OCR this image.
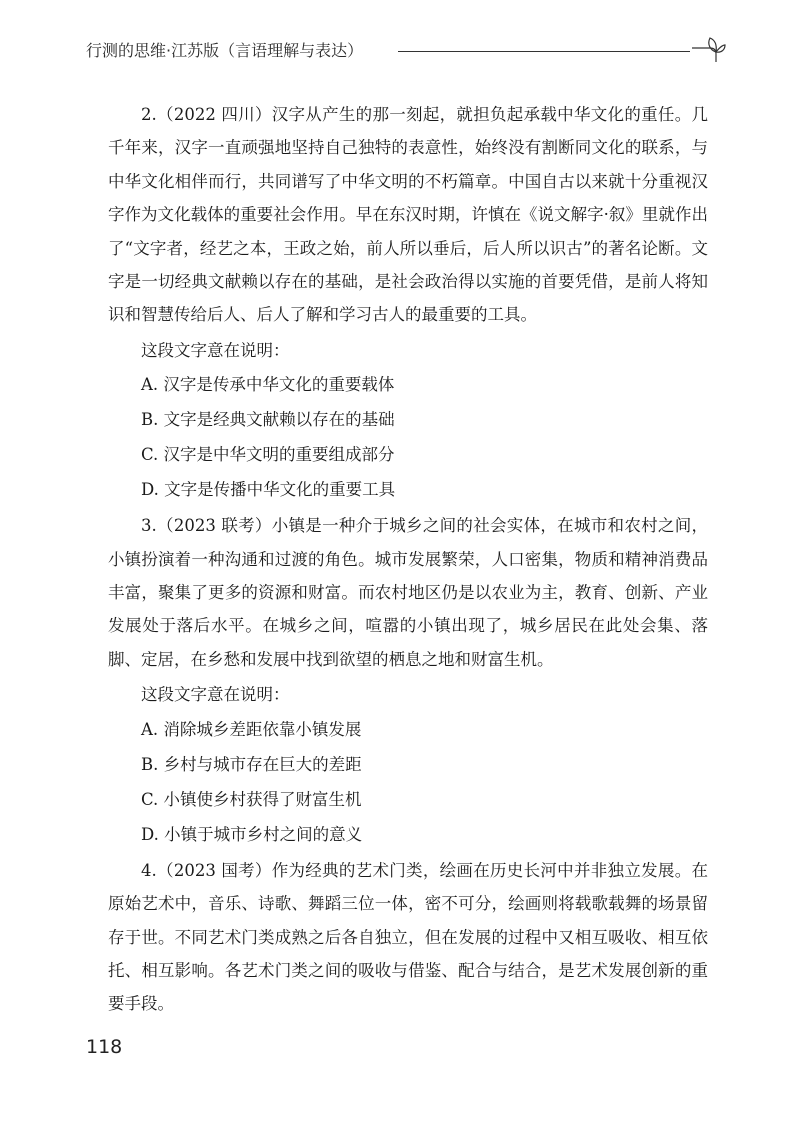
行测的思维·江苏版（言语理解与表达）

2.（2022 四川）汉字从产生的那一刻起，就担负起承载中华文化的重任。几千年来，汉字一直顽强地坚持自己独特的表意性，始终没有割断同文化的联系，与中华文化相伴而行，共同谱写了中华文明的不朽篇章。中国自古以来就十分重视汉字作为文化载体的重要社会作用。早在东汉时期，许慎在《说文解字·叙》里就作出了“文字者，经艺之本，王政之始，前人所以垂后，后人所以识古”的著名论断。文字是一切经典文献赖以存在的基础，是社会政治得以实施的首要凭借，是前人将知识和智慧传给后人、后人了解和学习古人的最重要的工具。

这段文字意在说明：

A. 汉字是传承中华文化的重要载体
B. 文字是经典文献赖以存在的基础
C. 汉字是中华文明的重要组成部分
D. 文字是传播中华文化的重要工具

3.（2023 联考）小镇是一种介于城乡之间的社会实体，在城市和农村之间，小镇扮演着一种沟通和过渡的角色。城市发展繁荣，人口密集，物质和精神消费品丰富，聚集了更多的资源和财富。而农村地区仍是以农业为主，教育、创新、产业发展处于落后水平。在城乡之间，喧嚣的小镇出现了，城乡居民在此处会集、落脚、定居，在乡愁和发展中找到欲望的栖息之地和财富生机。

这段文字意在说明：

A. 消除城乡差距依靠小镇发展
B. 乡村与城市存在巨大的差距
C. 小镇使乡村获得了财富生机
D. 小镇于城市乡村之间的意义

4.（2023 国考）作为经典的艺术门类，绘画在历史长河中并非独立发展。在原始艺术中，音乐、诗歌、舞蹈三位一体，密不可分，绘画则将载歌载舞的场景留存于世。不同艺术门类成熟之后各自独立，但在发展的过程中又相互吸收、相互依托、相互影响。各艺术门类之间的吸收与借鉴、配合与结合，是艺术发展创新的重要手段。

118
